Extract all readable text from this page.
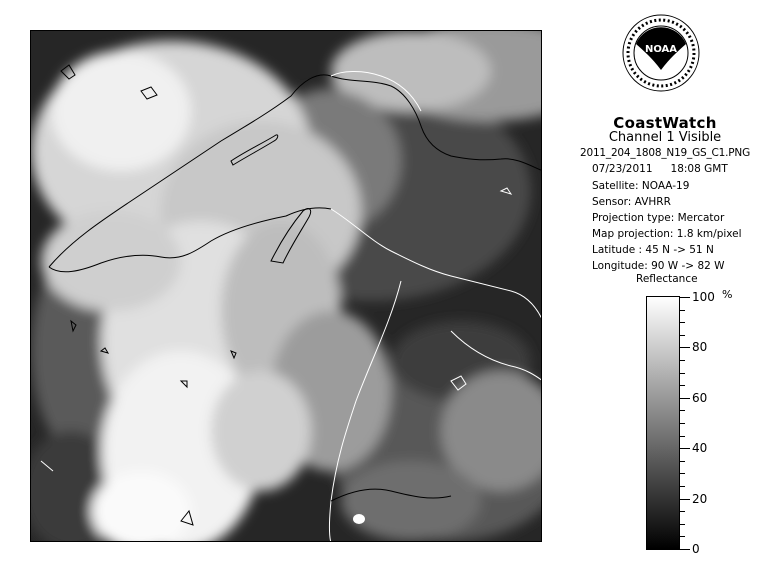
NOAA
CoastWatch
Channel 1 Visible
2011_204_1808_N19_GS_C1.PNG
07/23/2011 18:08 GMT
Satellite: NOAA-19
Sensor: AVHRR
Projection type: Mercator
Map projection: 1.8 km/pixel
Latitude : 45 N -> 51 N
Longitude: 90 W -> 82 W
Reflectance
%
100
80
60
40
20
0
